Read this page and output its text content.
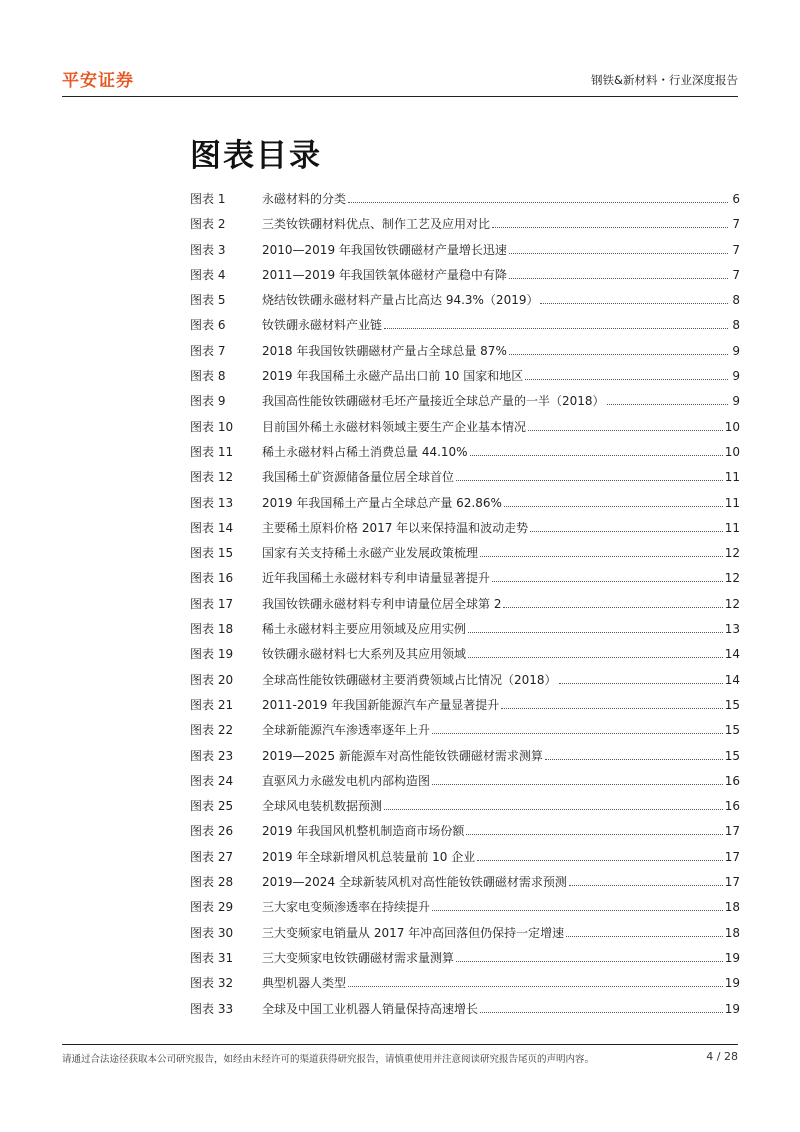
平安证券	钢铁&新材料・行业深度报告
图表目录
图表 1	永磁材料的分类	6
图表 2	三类钕铁硼材料优点、制作工艺及应用对比	7
图表 3	2010—2019 年我国钕铁硼磁材产量增长迅速	7
图表 4	2011—2019 年我国铁氧体磁材产量稳中有降	7
图表 5	烧结钕铁硼永磁材料产量占比高达 94.3%（2019）	8
图表 6	钕铁硼永磁材料产业链	8
图表 7	2018 年我国钕铁硼磁材产量占全球总量 87%	9
图表 8	2019 年我国稀土永磁产品出口前 10 国家和地区	9
图表 9	我国高性能钕铁硼磁材毛坯产量接近全球总产量的一半（2018）	9
图表 10	目前国外稀土永磁材料领域主要生产企业基本情况	10
图表 11	稀土永磁材料占稀土消费总量 44.10%	10
图表 12	我国稀土矿资源储备量位居全球首位	11
图表 13	2019 年我国稀土产量占全球总产量 62.86%	11
图表 14	主要稀土原料价格 2017 年以来保持温和波动走势	11
图表 15	国家有关支持稀土永磁产业发展政策梳理	12
图表 16	近年我国稀土永磁材料专利申请量显著提升	12
图表 17	我国钕铁硼永磁材料专利申请量位居全球第 2	12
图表 18	稀土永磁材料主要应用领域及应用实例	13
图表 19	钕铁硼永磁材料七大系列及其应用领域	14
图表 20	全球高性能钕铁硼磁材主要消费领域占比情况（2018）	14
图表 21	2011-2019 年我国新能源汽车产量显著提升	15
图表 22	全球新能源汽车渗透率逐年上升	15
图表 23	2019—2025 新能源车对高性能钕铁硼磁材需求测算	15
图表 24	直驱风力永磁发电机内部构造图	16
图表 25	全球风电装机数据预测	16
图表 26	2019 年我国风机整机制造商市场份额	17
图表 27	2019 年全球新增风机总装量前 10 企业	17
图表 28	2019—2024 全球新装风机对高性能钕铁硼磁材需求预测	17
图表 29	三大家电变频渗透率在持续提升	18
图表 30	三大变频家电销量从 2017 年冲高回落但仍保持一定增速	18
图表 31	三大变频家电钕铁硼磁材需求量测算	19
图表 32	典型机器人类型	19
图表 33	全球及中国工业机器人销量保持高速增长	19
请通过合法途径获取本公司研究报告，如经由未经许可的渠道获得研究报告，请慎重使用并注意阅读研究报告尾页的声明内容。	4 / 28
